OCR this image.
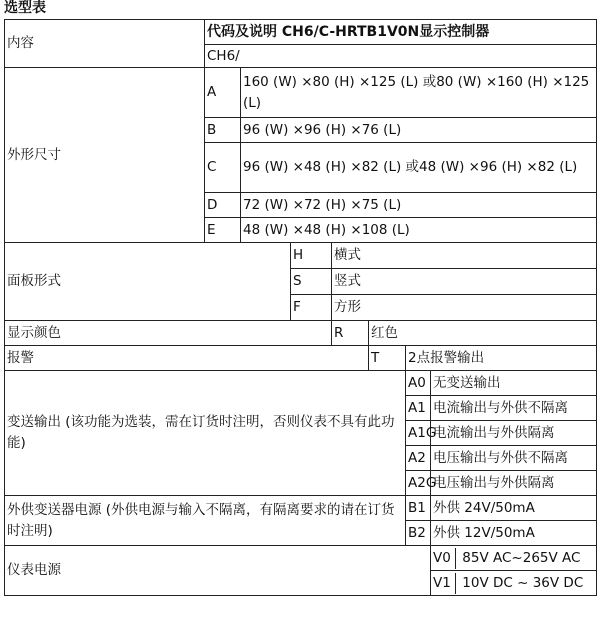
选型表
内容	代码及说明 CH6/C-HRTB1V0N显示控制器						
	CH6/						
外形尺寸	A	160 (W) ×80 (H) ×125 (L) 或80 (W) ×160 (H) ×125 (L)					
	B	96 (W) ×96 (H) ×76 (L)					
	C	96 (W) ×48 (H) ×82 (L) 或48 (W) ×96 (H) ×82 (L)					
	D	72 (W) ×72 (H) ×75 (L)					
	E	48 (W) ×48 (H) ×108 (L)					
面板形式			H	横式			
			S	竖式			
			F	方形			
显示颜色				R	红色		
报警					T	2点报警输出	
变送输出 (该功能为选装，需在订货时注明，否则仪表不具有此功能)						A0	无变送输出
						A1	电流输出与外供不隔离
						A1G	电流输出与外供隔离
						A2	电压输出与外供不隔离
						A2G	电压输出与外供隔离
外供变送器电源 (外供电源与输入不隔离，有隔离要求的请在订货时注明)						B1	外供 24V/50mA
						B2	外供 12V/50mA
仪表电源							V0 85V AC~265V AC
							V1 10V DC ~ 36V DC
